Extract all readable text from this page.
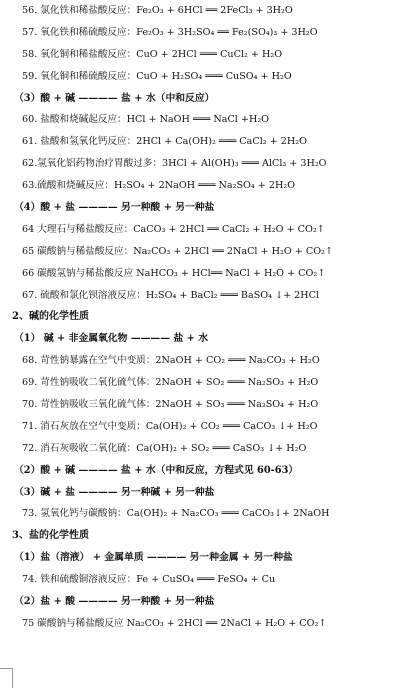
56. 氯化铁和稀盐酸反应：Fe₂O₃ + 6HCl ══ 2FeCl₃ + 3H₂O
57. 氧化铁和稀硫酸反应：Fe₂O₃ + 3H₂SO₄ ══ Fe₂(SO₄)₃ + 3H₂O
58. 氧化铜和稀盐酸反应：CuO + 2HCl ═══ CuCl₂ + H₂O
59. 氧化铜和稀硫酸反应：CuO + H₂SO₄ ═══ CuSO₄ + H₂O
（3）酸 + 碱 ———— 盐 + 水（中和反应）
60. 盐酸和烧碱起反应：HCl + NaOH ═══ NaCl +H₂O
61. 盐酸和氢氧化钙反应：2HCl + Ca(OH)₂ ═══ CaCl₂ + 2H₂O
62.氢氧化铝药物治疗胃酸过多：3HCl + Al(OH)₃ ═══ AlCl₃ + 3H₂O
63.硫酸和烧碱反应：H₂SO₄ + 2NaOH ═══ Na₂SO₄ + 2H₂O
（4）酸 + 盐 ———— 另一种酸 + 另一种盐
64 大理石与稀盐酸反应：CaCO₃ + 2HCl ══ CaCl₂ + H₂O + CO₂↑
65 碳酸钠与稀盐酸反应：Na₂CO₃ + 2HCl ══ 2NaCl + H₂O + CO₂↑
66 碳酸氢钠与稀盐酸反应 NaHCO₃ + HCl══ NaCl + H₂O + CO₂↑
67. 硫酸和氯化钡溶液反应：H₂SO₄ + BaCl₂ ═══ BaSO₄ ↓+ 2HCl
2、碱的化学性质
（1） 碱 + 非金属氧化物 ———— 盐 + 水
68. 苛性钠暴露在空气中变质：2NaOH + CO₂ ═══ Na₂CO₃ + H₂O
69. 苛性钠吸收二氧化硫气体：2NaOH + SO₂ ═══ Na₂SO₃ + H₂O
70. 苛性钠吸收三氧化硫气体：2NaOH + SO₃ ═══ Na₂SO₄ + H₂O
71. 消石灰放在空气中变质：Ca(OH)₂ + CO₂ ═══ CaCO₃ ↓+ H₂O
72. 消石灰吸收二氧化硫：Ca(OH)₂ + SO₂ ═══ CaSO₃ ↓+ H₂O
（2）酸 + 碱 ———— 盐 + 水（中和反应，方程式见 60-63）
（3）碱 + 盐 ———— 另一种碱 + 另一种盐
73. 氢氧化钙与碳酸钠：Ca(OH)₂ + Na₂CO₃ ═══ CaCO₃↓+ 2NaOH
3、盐的化学性质
（1）盐（溶液） + 金属单质 ———— 另一种金属 + 另一种盐
74. 铁和硫酸铜溶液反应：Fe + CuSO₄ ═══ FeSO₄ + Cu
（2）盐 + 酸 ———— 另一种酸 + 另一种盐
75 碳酸钠与稀盐酸反应 Na₂CO₃ + 2HCl ══ 2NaCl + H₂O + CO₂↑
